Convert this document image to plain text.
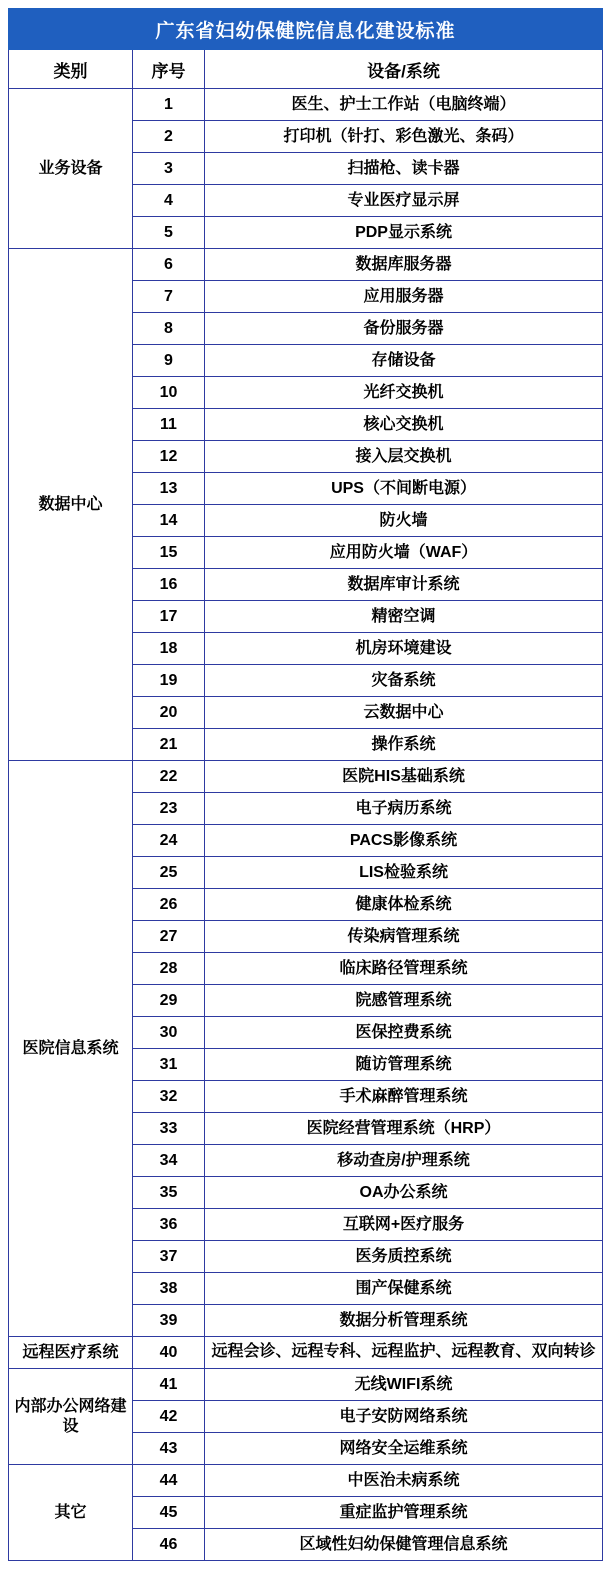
广东省妇幼保健院信息化建设标准		
类别	序号	设备/系统
业务设备	1	医生、护士工作站（电脑终端）
	2	打印机（针打、彩色激光、条码）
	3	扫描枪、读卡器
	4	专业医疗显示屏
	5	PDP显示系统
数据中心	6	数据库服务器
	7	应用服务器
	8	备份服务器
	9	存储设备
	10	光纤交换机
	11	核心交换机
	12	接入层交换机
	13	UPS（不间断电源）
	14	防火墙
	15	应用防火墙（WAF）
	16	数据库审计系统
	17	精密空调
	18	机房环境建设
	19	灾备系统
	20	云数据中心
	21	操作系统
医院信息系统	22	医院HIS基础系统
	23	电子病历系统
	24	PACS影像系统
	25	LIS检验系统
	26	健康体检系统
	27	传染病管理系统
	28	临床路径管理系统
	29	院感管理系统
	30	医保控费系统
	31	随访管理系统
	32	手术麻醉管理系统
	33	医院经营管理系统（HRP）
	34	移动查房/护理系统
	35	OA办公系统
	36	互联网+医疗服务
	37	医务质控系统
	38	围产保健系统
	39	数据分析管理系统
远程医疗系统	40	远程会诊、远程专科、远程监护、远程教育、双向转诊
内部办公网络建设	41	无线WIFI系统
	42	电子安防网络系统
	43	网络安全运维系统
其它	44	中医治未病系统
	45	重症监护管理系统
	46	区域性妇幼保健管理信息系统
